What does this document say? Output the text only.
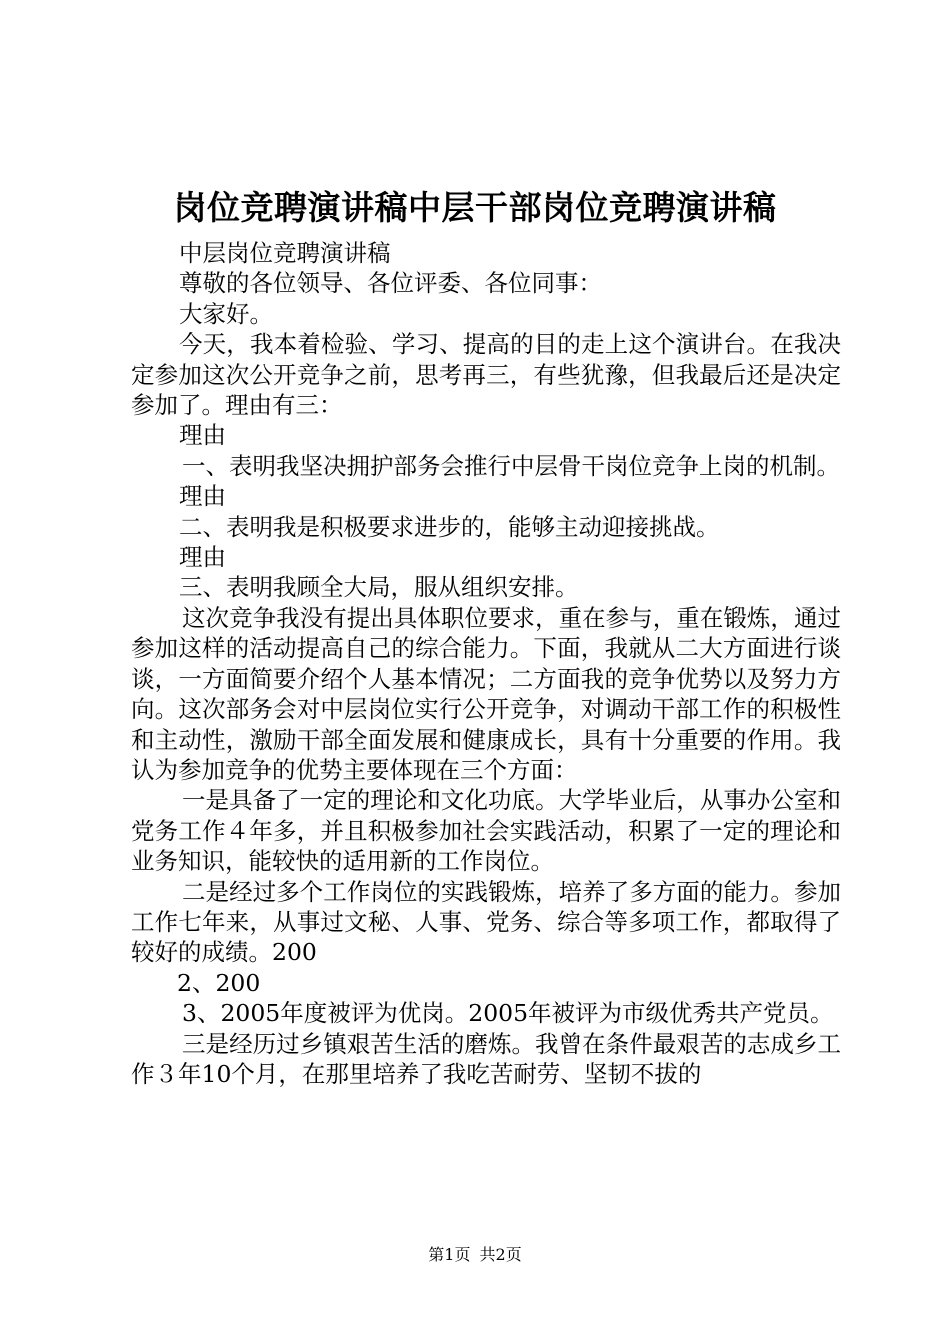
岗位竞聘演讲稿中层干部岗位竞聘演讲稿

中层岗位竞聘演讲稿

尊敬的各位领导、各位评委、各位同事：

大家好。

今天，我本着检验、学习、提高的目的走上这个演讲台。在我决定参加这次公开竞争之前，思考再三，有些犹豫，但我最后还是决定参加了。理由有三：

理由

一、表明我坚决拥护部务会推行中层骨干岗位竞争上岗的机制。

理由

二、表明我是积极要求进步的，能够主动迎接挑战。

理由

三、表明我顾全大局，服从组织安排。

这次竞争我没有提出具体职位要求，重在参与，重在锻炼，通过参加这样的活动提高自己的综合能力。下面，我就从二大方面进行谈谈，一方面简要介绍个人基本情况；二方面我的竞争优势以及努力方向。这次部务会对中层岗位实行公开竞争，对调动干部工作的积极性和主动性，激励干部全面发展和健康成长，具有十分重要的作用。我认为参加竞争的优势主要体现在三个方面：

一是具备了一定的理论和文化功底。大学毕业后，从事办公室和党务工作４年多，并且积极参加社会实践活动，积累了一定的理论和业务知识，能较快的适用新的工作岗位。

二是经过多个工作岗位的实践锻炼，培养了多方面的能力。参加工作七年来，从事过文秘、人事、党务、综合等多项工作，都取得了较好的成绩。200

2、200

3、2005年度被评为优岗。2005年被评为市级优秀共产党员。

三是经历过乡镇艰苦生活的磨炼。我曾在条件最艰苦的志成乡工作３年10个月，在那里培养了我吃苦耐劳、坚韧不拔的

第1页 共2页
